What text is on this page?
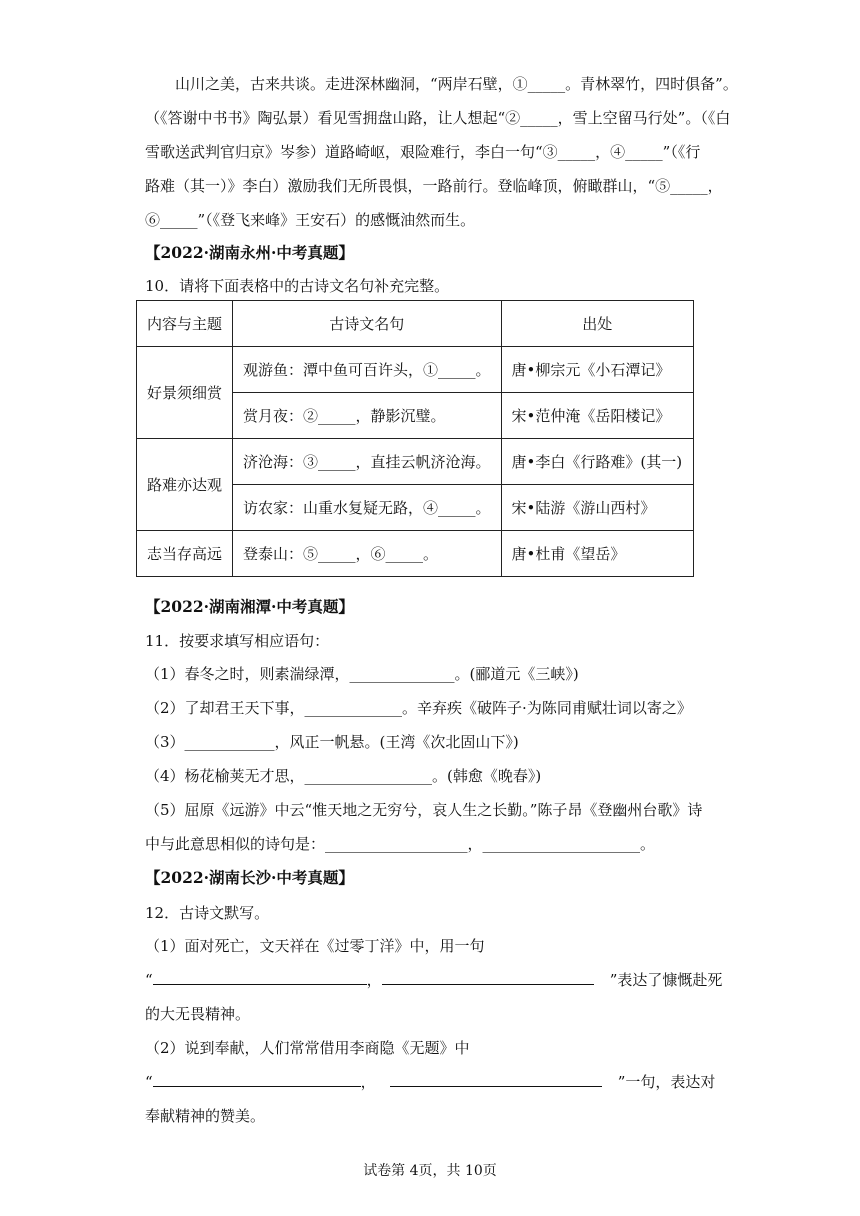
山川之美，古来共谈。走进深林幽洞，“两岸石壁，①_____。青林翠竹，四时俱备”。
（《答谢中书书》陶弘景）看见雪拥盘山路，让人想起“②_____，雪上空留马行处”。（《白
雪歌送武判官归京》岑参）道路崎岖，艰险难行，李白一句“③_____，④_____”（《行
路难（其一）》李白）激励我们无所畏惧，一路前行。登临峰顶，俯瞰群山，“⑤_____，
⑥_____”（《登飞来峰》王安石）的感慨油然而生。
【2022·湖南永州·中考真题】
10．请将下面表格中的古诗文名句补充完整。
内容与主题	古诗文名句	出处
好景须细赏	观游鱼：潭中鱼可百许头，①_____。	唐•柳宗元《小石潭记》
	赏月夜：②_____，静影沉璧。	宋•范仲淹《岳阳楼记》
路难亦达观	济沧海：③_____，直挂云帆济沧海。	唐•李白《行路难》(其一)
	访农家：山重水复疑无路，④_____。	宋•陆游《游山西村》
志当存高远	登泰山：⑤_____，⑥_____。	唐•杜甫《望岳》
【2022·湖南湘潭·中考真题】
11．按要求填写相应语句：
（1）春冬之时，则素湍绿潭，______________。(郦道元《三峡》)
（2）了却君王天下事，_____________。辛弃疾《破阵子·为陈同甫赋壮词以寄之》
（3）____________，风正一帆悬。(王湾《次北固山下》)
（4）杨花榆荚无才思，_________________。(韩愈《晚春》)
（5）屈原《远游》中云“惟天地之无穷兮，哀人生之长勤。”陈子昂《登幽州台歌》诗
中与此意思相似的诗句是：___________________，_____________________。
【2022·湖南长沙·中考真题】
12．古诗文默写。
（1）面对死亡，文天祥在《过零丁洋》中，用一句
“	，	”表达了慷慨赴死
的大无畏精神。
（2）说到奉献，人们常常借用李商隐《无题》中
“	，	”一句，表达对
奉献精神的赞美。
试卷第 4页，共 10页
